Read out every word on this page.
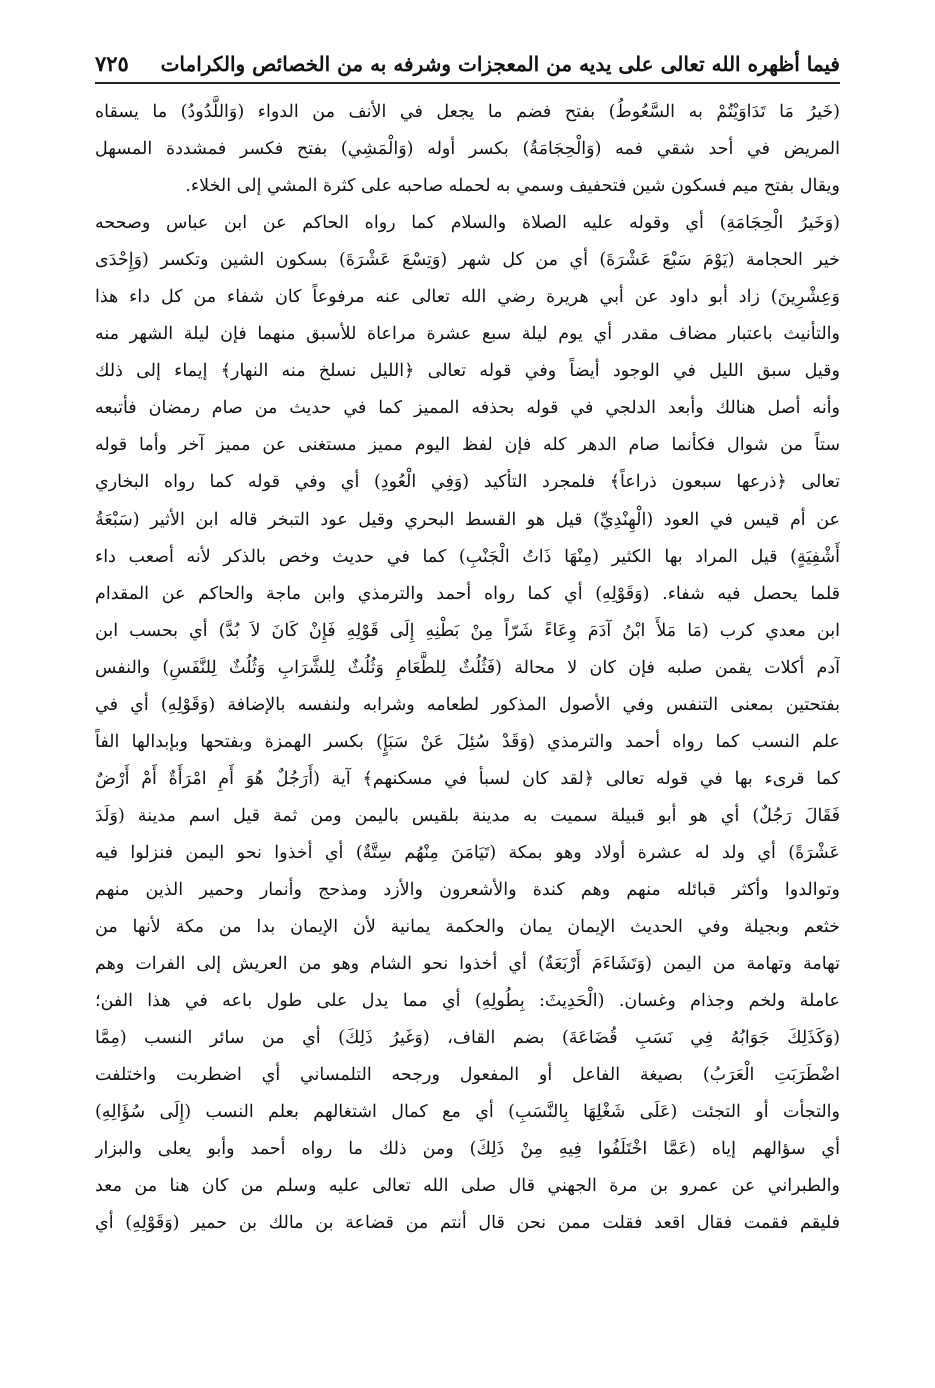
فيما أظهره الله تعالى على يديه من المعجزات وشرفه به من الخصائص والكرامات
٧٢٥
(خَيرُ مَا تَدَاوَيْتُمْ به السَّعُوطُ) بفتح فضم ما يجعل في الأنف من الدواء (وَاللَّدُودُ) ما يسقاه
المريض في أحد شقي فمه (وَالْحِجَامَةُ) بكسر أوله (وَالْمَشِي) بفتح فكسر فمشددة المسهل
ويقال بفتح ميم فسكون شين فتحفيف وسمي به لحمله صاحبه على كثرة المشي إلى الخلاء.
(وَخَيرُ الْحِجَامَةِ) أي وقوله عليه الصلاة والسلام كما رواه الحاكم عن ابن عباس وصححه
خير الحجامة (يَوْمَ سَبْعَ عَشْرَةَ) أي من كل شهر (وَتِسْعَ عَشْرَةَ) بسكون الشين وتكسر (وَإِحْدَى
وَعِشْرِينَ) زاد أبو داود عن أبي هريرة رضي الله تعالى عنه مرفوعاً كان شفاء من كل داء هذا
والتأنيث باعتبار مضاف مقدر أي يوم ليلة سبع عشرة مراعاة للأسبق منهما فإن ليلة الشهر منه
وقيل سبق الليل في الوجود أيضاً وفي قوله تعالى ﴿الليل نسلخ منه النهار﴾ إيماء إلى ذلك
وأنه أصل هنالك وأبعد الدلجي في قوله بحذفه المميز كما في حديث من صام رمضان فأتبعه
ستاً من شوال فكأنما صام الدهر كله فإن لفظ اليوم مميز مستغنى عن مميز آخر وأما قوله
تعالى ﴿ذرعها سبعون ذراعاً﴾ فلمجرد التأكيد (وَفِي الْعُودِ) أي وفي قوله كما رواه البخاري
عن أم قيس في العود (الْهِنْدِيِّ) قيل هو القسط البحري وقيل عود التبخر قاله ابن الأثير (سَبْعَةُ
أَشْفِيَةٍ) قيل المراد بها الكثير (مِنْهَا ذَاتُ الْجَنْبِ) كما في حديث وخص بالذكر لأنه أصعب داء
قلما يحصل فيه شفاء. (وَقَوْلِهِ) أي كما رواه أحمد والترمذي وابن ماجة والحاكم عن المقدام
ابن معدي كرب (مَا مَلأَ ابْنُ آدَمَ وِعَاءً شَرّاً مِنْ بَطْنِهِ إِلَى قَوْلِهِ فَإِنْ كَانَ لاَ بُدَّ) أي بحسب ابن
آدم أكلات يقمن صلبه فإن كان لا محالة (فَثُلُثٌ لِلطَّعَامِ وَثُلُثٌ لِلشَّرَابِ وَثُلُثٌ لِلنَّفَسِ) والنفس
بفتحتين بمعنى التنفس وفي الأصول المذكور لطعامه وشرابه ولنفسه بالإضافة (وَقَوْلِهِ) أي في
علم النسب كما رواه أحمد والترمذي (وَقَدْ سُئِلَ عَنْ سَبَإٍ) بكسر الهمزة وبفتحها وبإبدالها الفاً
كما قرىء بها في قوله تعالى ﴿لقد كان لسبأ في مسكنهم﴾ آية (أَرَجُلٌ هُوَ أَمِ امْرَأَةٌ أَمْ أَرْضٌ
فَقَالَ رَجُلٌ) أي هو أبو قبيلة سميت به مدينة بلقيس باليمن ومن ثمة قيل اسم مدينة (وَلَدَ
عَشْرَةً) أي ولد له عشرة أولاد وهو بمكة (تَيَامَنَ مِنْهُم سِتَّةٌ) أي أخذوا نحو اليمن فنزلوا فيه
وتوالدوا وأكثر قبائله منهم وهم كندة والأشعرون والأزد ومذحج وأنمار وحمير الذين منهم
خثعم وبجيلة وفي الحديث الإيمان يمان والحكمة يمانية لأن الإيمان بدا من مكة لأنها من
تهامة وتهامة من اليمن (وَتَشَاءَمَ أَرْبَعَةٌ) أي أخذوا نحو الشام وهو من العريش إلى الفرات وهم
عاملة ولخم وجذام وغسان. (الْحَدِيثَ: بِطُولِهِ) أي مما يدل على طول باعه في هذا الفن؛
(وَكَذَلِكَ جَوَابُهُ فِي نَسَبِ قُضَاعَةَ) بضم القاف، (وَغَيرُ ذَلِكَ) أي من سائر النسب (مِمَّا
اضْطَرَبَتِ الْعَرَبُ) بصيغة الفاعل أو المفعول ورجحه التلمساني أي اضطربت واختلفت
والتجأت أو التجئت (عَلَى شَغْلِهَا بِالنَّسَبِ) أي مع كمال اشتغالهم بعلم النسب (إِلَى سُؤَالِهِ)
أي سؤالهم إياه (عَمَّا اخْتَلَفُوا فِيهِ مِنْ ذَلِكَ) ومن ذلك ما رواه أحمد وأبو يعلى والبزار
والطبراني عن عمرو بن مرة الجهني قال صلى الله تعالى عليه وسلم من كان هنا من معد
فليقم فقمت فقال اقعد فقلت ممن نحن قال أنتم من قضاعة بن مالك بن حمير (وَقَوْلِهِ) أي
